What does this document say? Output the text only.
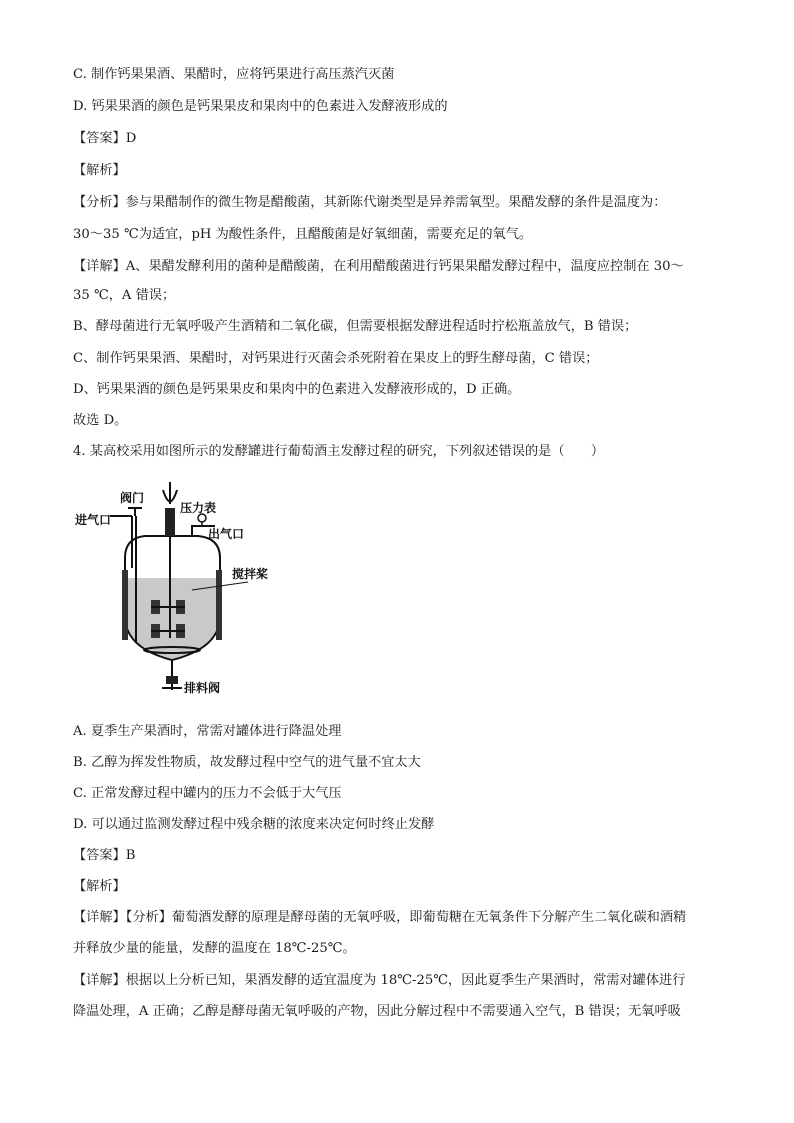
C. 制作钙果果酒、果醋时，应将钙果进行高压蒸汽灭菌
D. 钙果果酒的颜色是钙果果皮和果肉中的色素进入发酵液形成的
【答案】D
【解析】
【分析】参与果醋制作的微生物是醋酸菌，其新陈代谢类型是异养需氧型。果醋发酵的条件是温度为：
30～35 ℃为适宜，pH 为酸性条件，且醋酸菌是好氧细菌，需要充足的氧气。
【详解】A、果醋发酵利用的菌种是醋酸菌，在利用醋酸菌进行钙果果醋发酵过程中，温度应控制在 30～
35 ℃，A 错误；
B、酵母菌进行无氧呼吸产生酒精和二氧化碳，但需要根据发酵进程适时拧松瓶盖放气，B 错误；
C、制作钙果果酒、果醋时，对钙果进行灭菌会杀死附着在果皮上的野生酵母菌，C 错误；
D、钙果果酒的颜色是钙果果皮和果肉中的色素进入发酵液形成的，D 正确。
故选 D。
4. 某高校采用如图所示的发酵罐进行葡萄酒主发酵过程的研究，下列叙述错误的是（　　）
阀门
进气口
压力表
出气口
搅拌桨
排料阀
A. 夏季生产果酒时，常需对罐体进行降温处理
B. 乙醇为挥发性物质，故发酵过程中空气的进气量不宜太大
C. 正常发酵过程中罐内的压力不会低于大气压
D. 可以通过监测发酵过程中残余糖的浓度来决定何时终止发酵
【答案】B
【解析】
【详解】【分析】葡萄酒发酵的原理是酵母菌的无氧呼吸，即葡萄糖在无氧条件下分解产生二氧化碳和酒精
并释放少量的能量，发酵的温度在 18℃-25℃。
【详解】根据以上分析已知，果酒发酵的适宜温度为 18℃-25℃，因此夏季生产果酒时，常需对罐体进行
降温处理，A 正确；乙醇是酵母菌无氧呼吸的产物，因此分解过程中不需要通入空气，B 错误；无氧呼吸
